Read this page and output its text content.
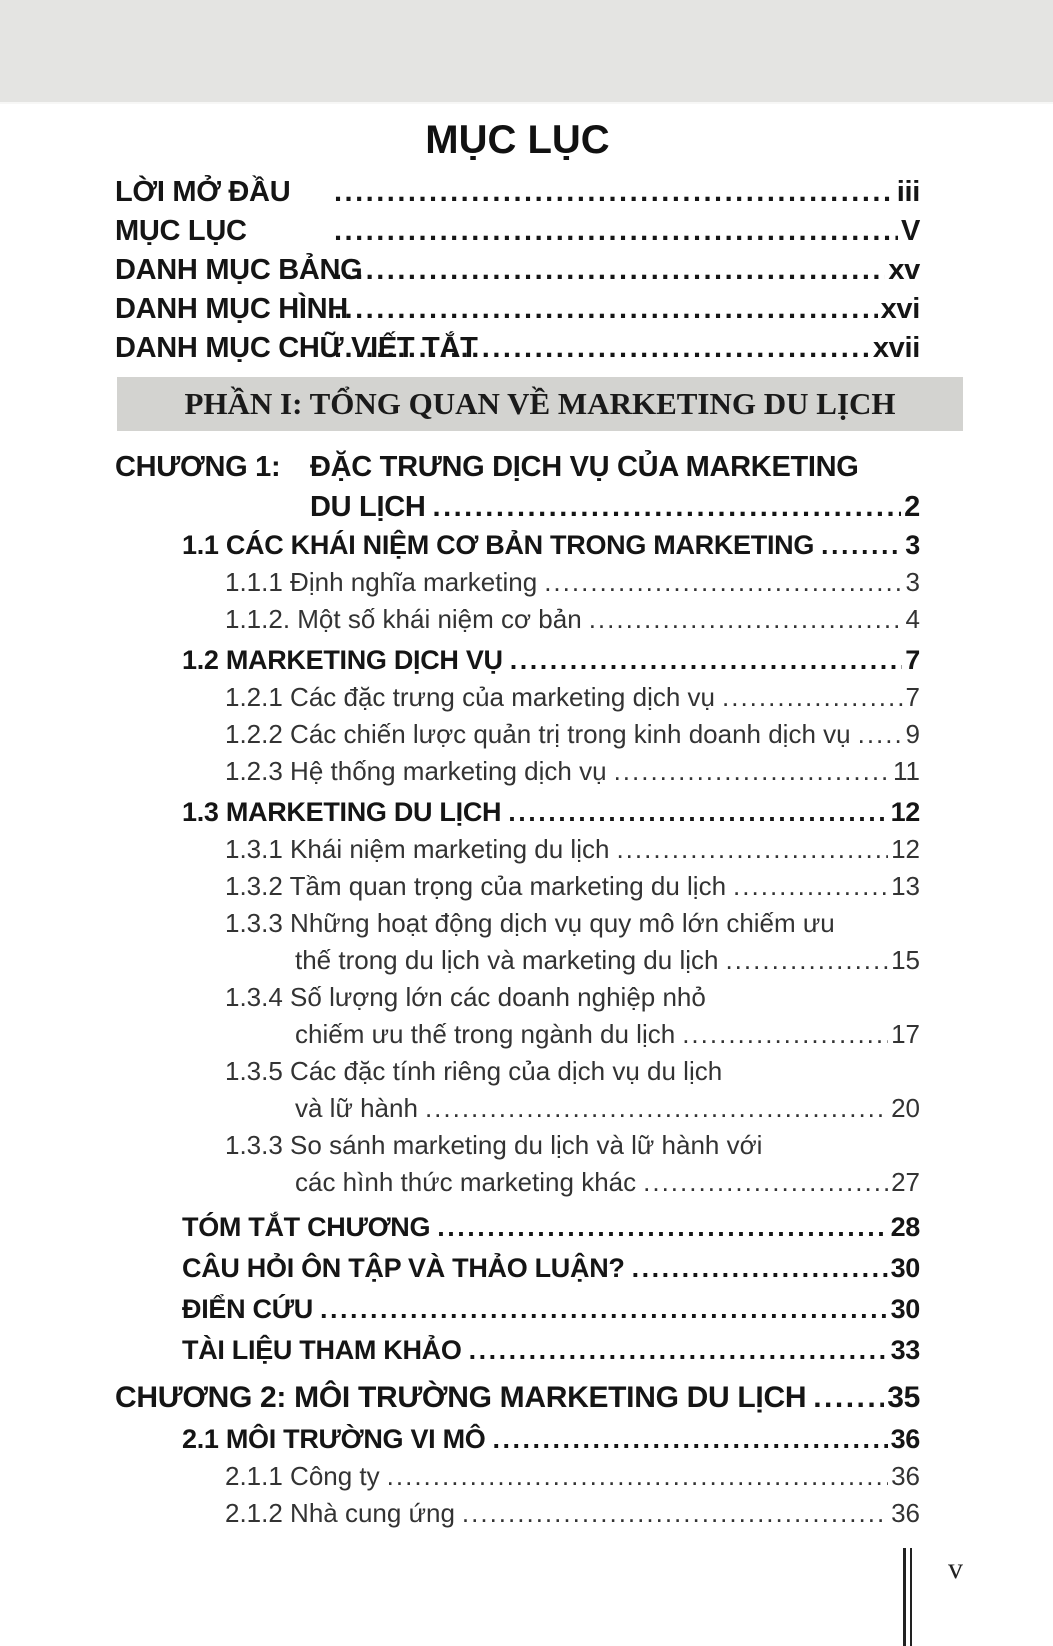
MỤC LỤC
LỜI MỞ ĐẦU .....	iii
MỤC LỤC .....	V
DANH MỤC BẢNG .....	xv
DANH MỤC HÌNH .....	xvi
DANH MỤC CHỮ VIẾT TẮT .....	xvii
PHẦN I: TỔNG QUAN VỀ MARKETING DU LỊCH
CHƯƠNG 1:	ĐẶC TRƯNG DỊCH VỤ CỦA MARKETING
DU LỊCH .....	2
1.1 CÁC KHÁI NIỆM CƠ BẢN TRONG MARKETING .....	3
1.1.1 Định nghĩa marketing .....	3
1.1.2. Một số khái niệm cơ bản .....	4
1.2 MARKETING DỊCH VỤ .....	7
1.2.1 Các đặc trưng của marketing dịch vụ .....	7
1.2.2 Các chiến lược quản trị trong kinh doanh dịch vụ ..... 9
1.2.3 Hệ thống marketing dịch vụ .....	11
1.3 MARKETING DU LỊCH .....	12
1.3.1 Khái niệm marketing du lịch .....	12
1.3.2 Tầm quan trọng của marketing du lịch .....	13
1.3.3 Những hoạt động dịch vụ quy mô lớn chiếm ưu
thế trong du lịch và marketing du lịch .....	15
1.3.4 Số lượng lớn các doanh nghiệp nhỏ
chiếm ưu thế trong ngành du lịch .....	17
1.3.5 Các đặc tính riêng của dịch vụ du lịch
và lữ hành .....	20
1.3.3 So sánh marketing du lịch và lữ hành với
các hình thức marketing khác .....	27
TÓM TẮT CHƯƠNG .....	28
CÂU HỎI ÔN TẬP VÀ THẢO LUẬN? .....	30
ĐIỂN CỨU .....	30
TÀI LIỆU THAM KHẢO .....	33
CHƯƠNG 2: MÔI TRƯỜNG MARKETING DU LỊCH .....	35
2.1 MÔI TRƯỜNG VI MÔ .....	36
2.1.1 Công ty .....	36
2.1.2 Nhà cung ứng .....	36
v
